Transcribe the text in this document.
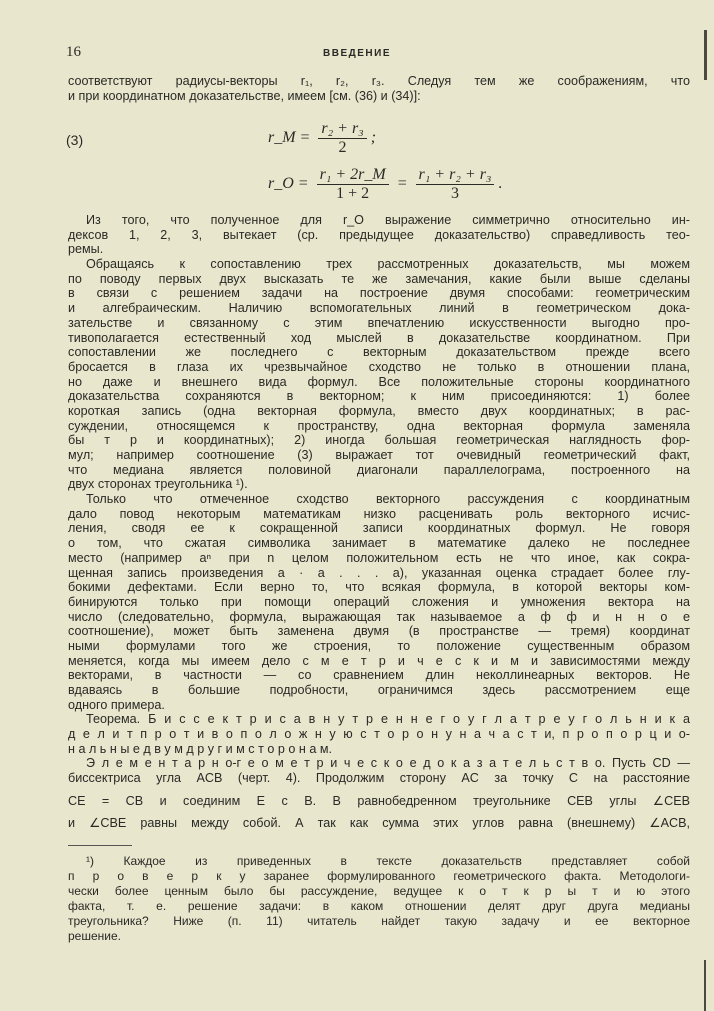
16	ВВЕДЕНИЕ
соответствуют радиусы-векторы r₁, r₂, r₃. Следуя тем же соображениям, что
и при координатном доказательстве, имеем [см. (36) и (34)]:
(3)	r_M = $\frac{\text{r₂ + r₃}}{2}$ ;
r_O = $\frac{\text{r₁ + 2r\_M}}{1 + 2} = \frac{\text{r₁ + r₂ + r₃}}{3}$ .
Из того, что полученное для r_O выражение симметрично относительно ин-
дексов 1, 2, 3, вытекает (ср. предыдущее доказательство) справедливость тео-
ремы.
Обращаясь к сопоставлению трех рассмотренных доказательств, мы можем
по поводу первых двух высказать те же замечания, какие были выше сделаны
в связи с решением задачи на построение двумя способами: геометрическим
и алгебраическим. Наличию вспомогательных линий в геометрическом дока-
зательстве и связанному с этим впечатлению искусственности выгодно про-
тивополагается естественный ход мыслей в доказательстве координатном. При
сопоставлении же последнего с векторным доказательством прежде всего
бросается в глаза их чрезвычайное сходство не только в отношении плана,
но даже и внешнего вида формул. Все положительные стороны координатного
доказательства сохраняются в векторном; к ним присоединяются: 1) более
короткая запись (одна векторная формула, вместо двух координатных; в рас-
суждении, относящемся к пространству, одна векторная формула заменяла
бы т р и координатных); 2) иногда большая геометрическая наглядность фор-
мул; например соотношение (3) выражает тот очевидный геометрический факт,
что медиана является половиной диагонали параллелограма, построенного на
двух сторонах треугольника ¹).
Только что отмеченное сходство векторного рассуждения с координатным
дало повод некоторым математикам низко расценивать роль векторного исчис-
ления, сводя ее к сокращенной записи координатных формул. Не говоря
о том, что сжатая символика занимает в математике далеко не последнее
место (например aⁿ при n целом положительном есть не что иное, как сокра-
щенная запись произведения a · a . . . a), указанная оценка страдает более глу-
бокими дефектами. Если верно то, что всякая формула, в которой векторы ком-
бинируются только при помощи операций сложения и умножения вектора на
число (следовательно, формула, выражающая так называемое а ф ф и н н о е
соотношение), может быть заменена двумя (в пространстве — тремя) координат
ными формулами того же строения, то положение существенным образом
меняется, когда мы имеем дело с м е т р и ч е с к и м и зависимостями между
векторами, в частности — со сравнением длин неколлинеарных векторов. Не
вдаваясь в большие подробности, ограничимся здесь рассмотрением еще
одного примера.
Теорема. Б и с с е к т р и с а в н у т р е н н е г о у г л а т р е у г о л ь н и к а
д е л и т п р о т и в о п о л о ж н у ю с т о р о н у н а ч а с т и, п р о п о р ц и о-
н а л ь н ы е д в у м д р у г и м с т о р о н а м.
Э л е м е н т а р н о-г е о м е т р и ч е с к о е д о к а з а т е л ь с т в о. Пусть CD —
биссектриса угла ACB (черт. 4). Продолжим сторону AC за точку C на расстояние
CE = CB и соединим E с B. В равнобедренном треугольнике CEB углы ∠CEB
и ∠CBE равны между собой. А так как сумма этих углов равна (внешнему) ∠ACB,
¹) Каждое из приведенных в тексте доказательств представляет собой
п р о в е р к у заранее формулированного геометрического факта. Методологи-
чески более ценным было бы рассуждение, ведущее к о т к р ы т и ю этого
факта, т. е. решение задачи: в каком отношении делят друг друга медианы
треугольника? Ниже (п. 11) читатель найдет такую задачу и ее векторное
решение.
